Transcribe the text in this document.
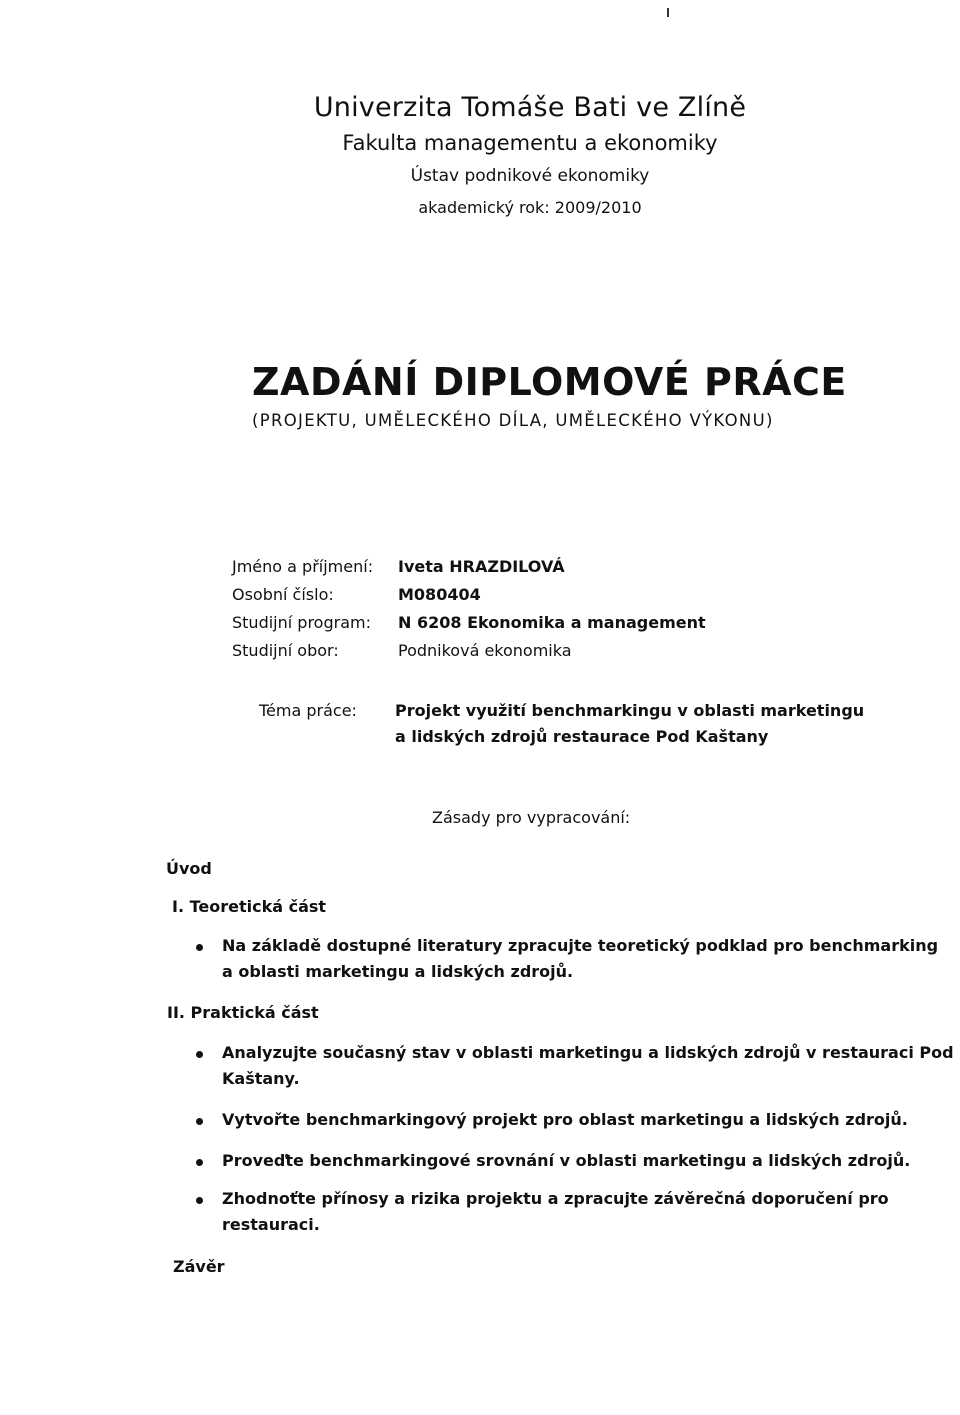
Univerzita Tomáše Bati ve Zlíně
Fakulta managementu a ekonomiky
Ústav podnikové ekonomiky
akademický rok: 2009/2010
ZADÁNÍ DIPLOMOVÉ PRÁCE
(PROJEKTU, UMĚLECKÉHO DÍLA, UMĚLECKÉHO VÝKONU)
Jméno a příjmení: Iveta HRAZDILOVÁ
Osobní číslo:	M080404
Studijní program: N 6208 Ekonomika a management
Studijní obor:	Podniková ekonomika
Téma práce: Projekt využití benchmarkingu v oblasti marketingu
a lidských zdrojů restaurace Pod Kaštany
Zásady pro vypracování:
Úvod
I. Teoretická část
Na základě dostupné literatury zpracujte teoretický podklad pro benchmarking
a oblasti marketingu a lidských zdrojů.
II. Praktická část
Analyzujte současný stav v oblasti marketingu a lidských zdrojů v restauraci Pod
Kaštany.
Vytvořte benchmarkingový projekt pro oblast marketingu a lidských zdrojů.
Proveďte benchmarkingové srovnání v oblasti marketingu a lidských zdrojů.
Zhodnoťte přínosy a rizika projektu a zpracujte závěrečná doporučení pro
restauraci.
Závěr
